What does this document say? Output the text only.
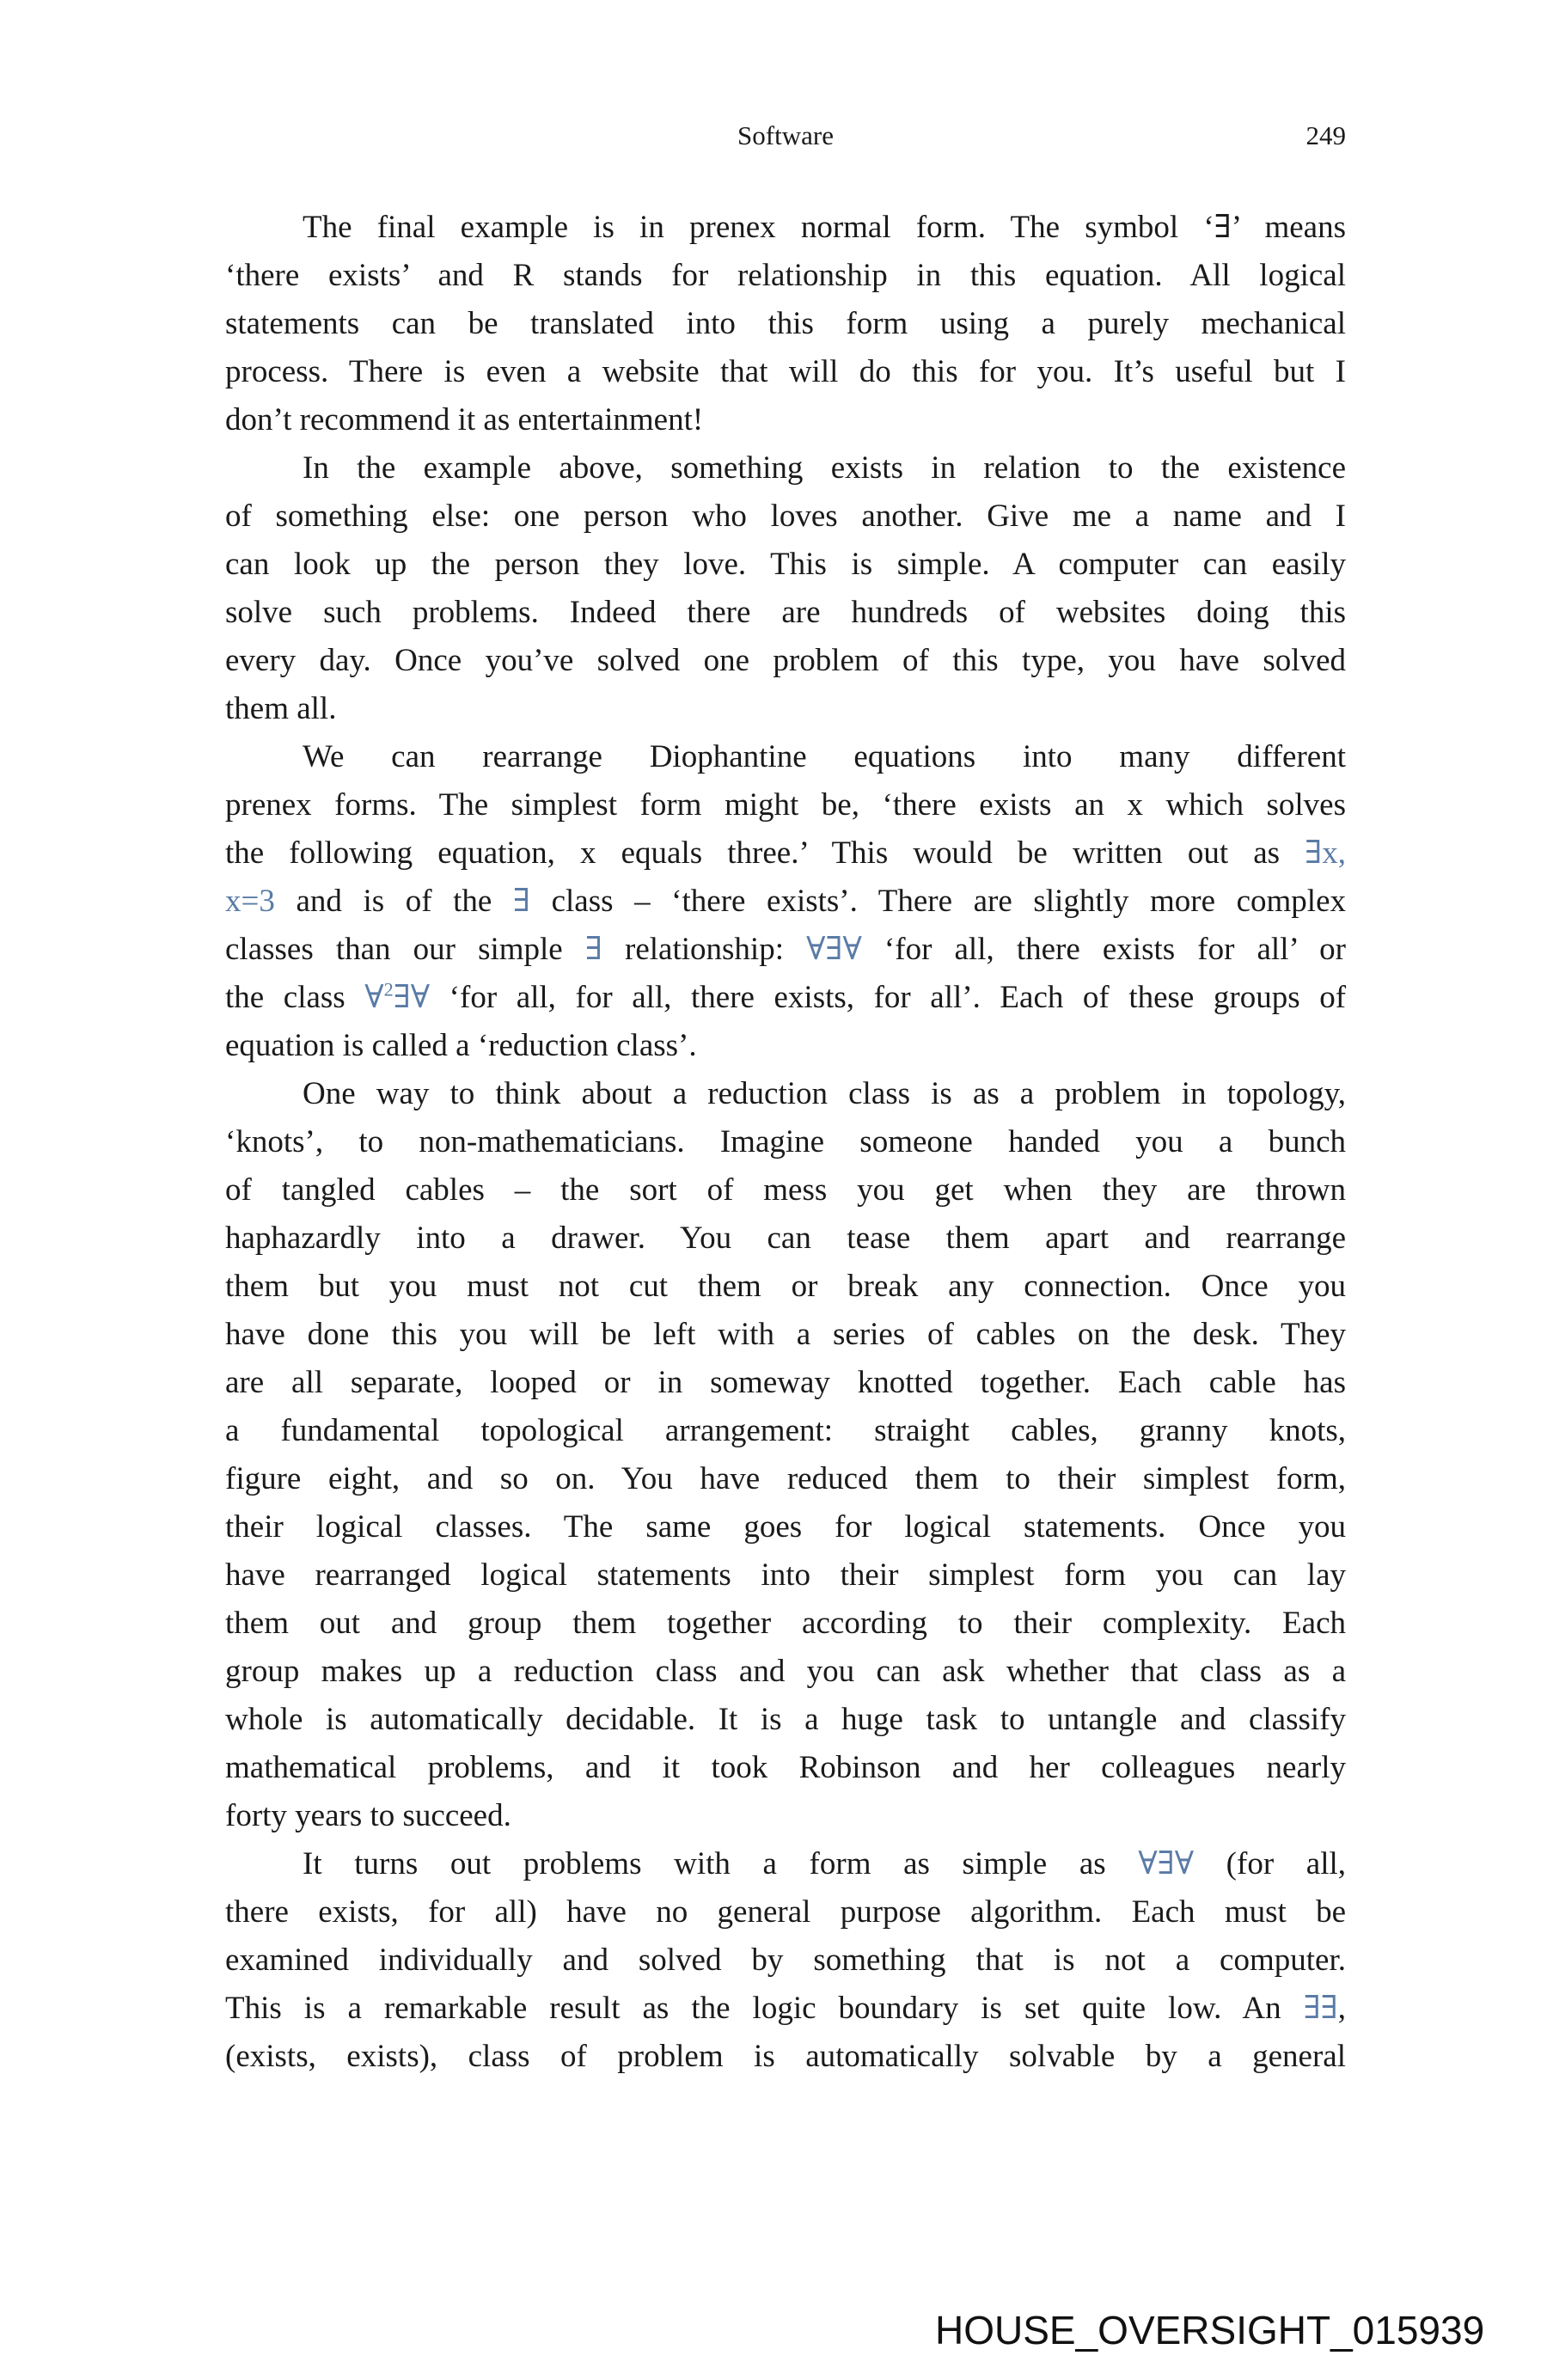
Software	249
The final example is in prenex normal form. The symbol ‘∃’ means
‘there exists’ and R stands for relationship in this equation. All logical
statements can be translated into this form using a purely mechanical
process. There is even a website that will do this for you. It’s useful but I
don’t recommend it as entertainment!
In the example above, something exists in relation to the existence
of something else: one person who loves another. Give me a name and I
can look up the person they love. This is simple. A computer can easily
solve such problems. Indeed there are hundreds of websites doing this
every day. Once you’ve solved one problem of this type, you have solved
them all.
We can rearrange Diophantine equations into many different
prenex forms. The simplest form might be, ‘there exists an x which solves
the following equation, x equals three.’ This would be written out as ∃x,
x=3 and is of the ∃ class – ‘there exists’. There are slightly more complex
classes than our simple ∃ relationship: ∀∃∀ ‘for all, there exists for all’ or
the class ∀$^2$∃∀ ‘for all, for all, there exists, for all’. Each of these groups of
equation is called a ‘reduction class’.
One way to think about a reduction class is as a problem in topology,
‘knots’, to non-mathematicians. Imagine someone handed you a bunch
of tangled cables – the sort of mess you get when they are thrown
haphazardly into a drawer. You can tease them apart and rearrange
them but you must not cut them or break any connection. Once you
have done this you will be left with a series of cables on the desk. They
are all separate, looped or in someway knotted together. Each cable has
a fundamental topological arrangement: straight cables, granny knots,
figure eight, and so on. You have reduced them to their simplest form,
their logical classes. The same goes for logical statements. Once you
have rearranged logical statements into their simplest form you can lay
them out and group them together according to their complexity. Each
group makes up a reduction class and you can ask whether that class as a
whole is automatically decidable. It is a huge task to untangle and classify
mathematical problems, and it took Robinson and her colleagues nearly
forty years to succeed.
It turns out problems with a form as simple as ∀∃∀ (for all,
there exists, for all) have no general purpose algorithm. Each must be
examined individually and solved by something that is not a computer.
This is a remarkable result as the logic boundary is set quite low. An ∃∃,
(exists, exists), class of problem is automatically solvable by a general
HOUSE_OVERSIGHT_015939
